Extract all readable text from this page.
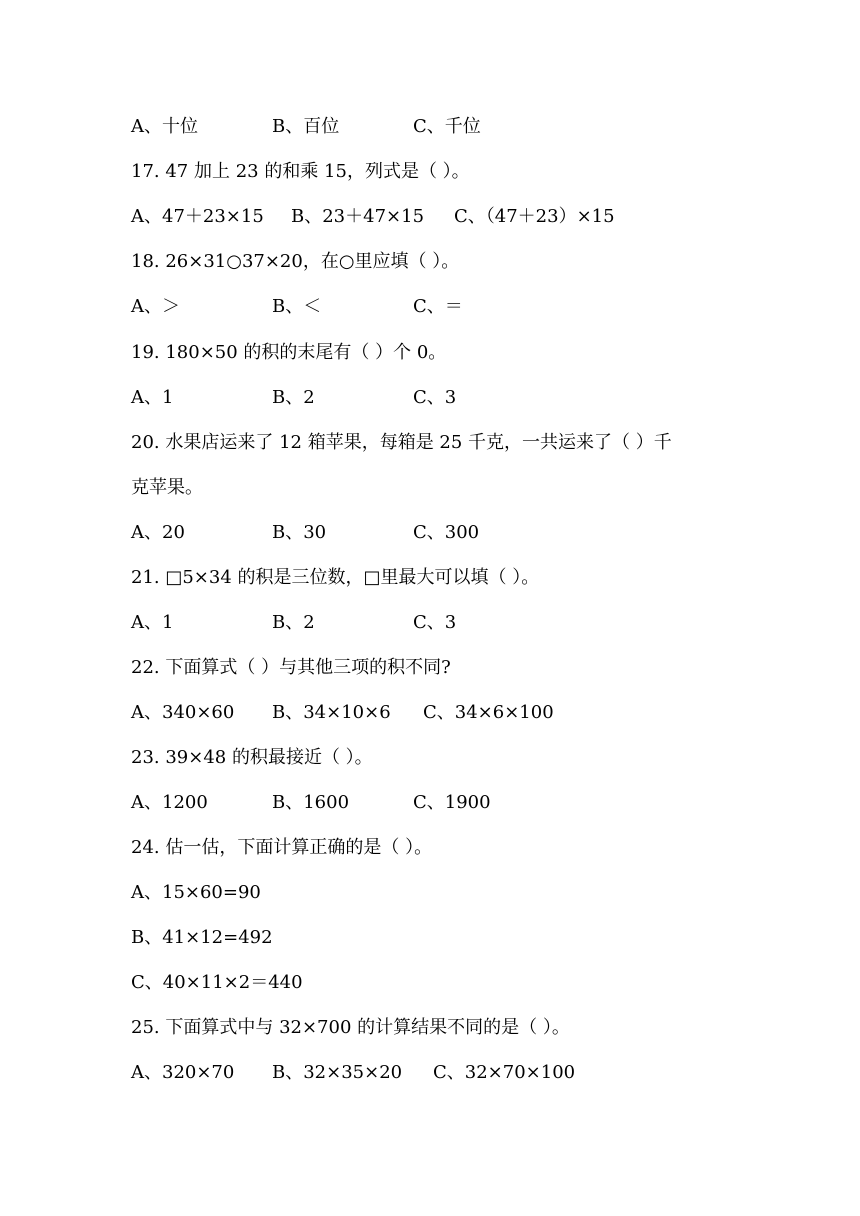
A、十位	B、百位	C、千位
17. 47 加上 23 的和乘 15，列式是（ ）。
A、47＋23×15 B、23＋47×15 C、（47＋23）×15
18. 26×31○37×20，在○里应填（ ）。
A、＞	B、＜	C、＝
19. 180×50 的积的末尾有（ ）个 0。
A、1	B、2	C、3
20. 水果店运来了 12 箱苹果，每箱是 25 千克，一共运来了（ ）千
克苹果。
A、20	B、30	C、300
21. □5×34 的积是三位数，□里最大可以填（ ）。
A、1	B、2	C、3
22. 下面算式（ ）与其他三项的积不同?
A、340×60 B、34×10×6 C、34×6×100
23. 39×48 的积最接近（ ）。
A、1200	B、1600	C、1900
24. 估一估，下面计算正确的是（ ）。
A、15×60=90
B、41×12=492
C、40×11×2＝440
25. 下面算式中与 32×700 的计算结果不同的是（ ）。
A、320×70 B、32×35×20 C、32×70×100
